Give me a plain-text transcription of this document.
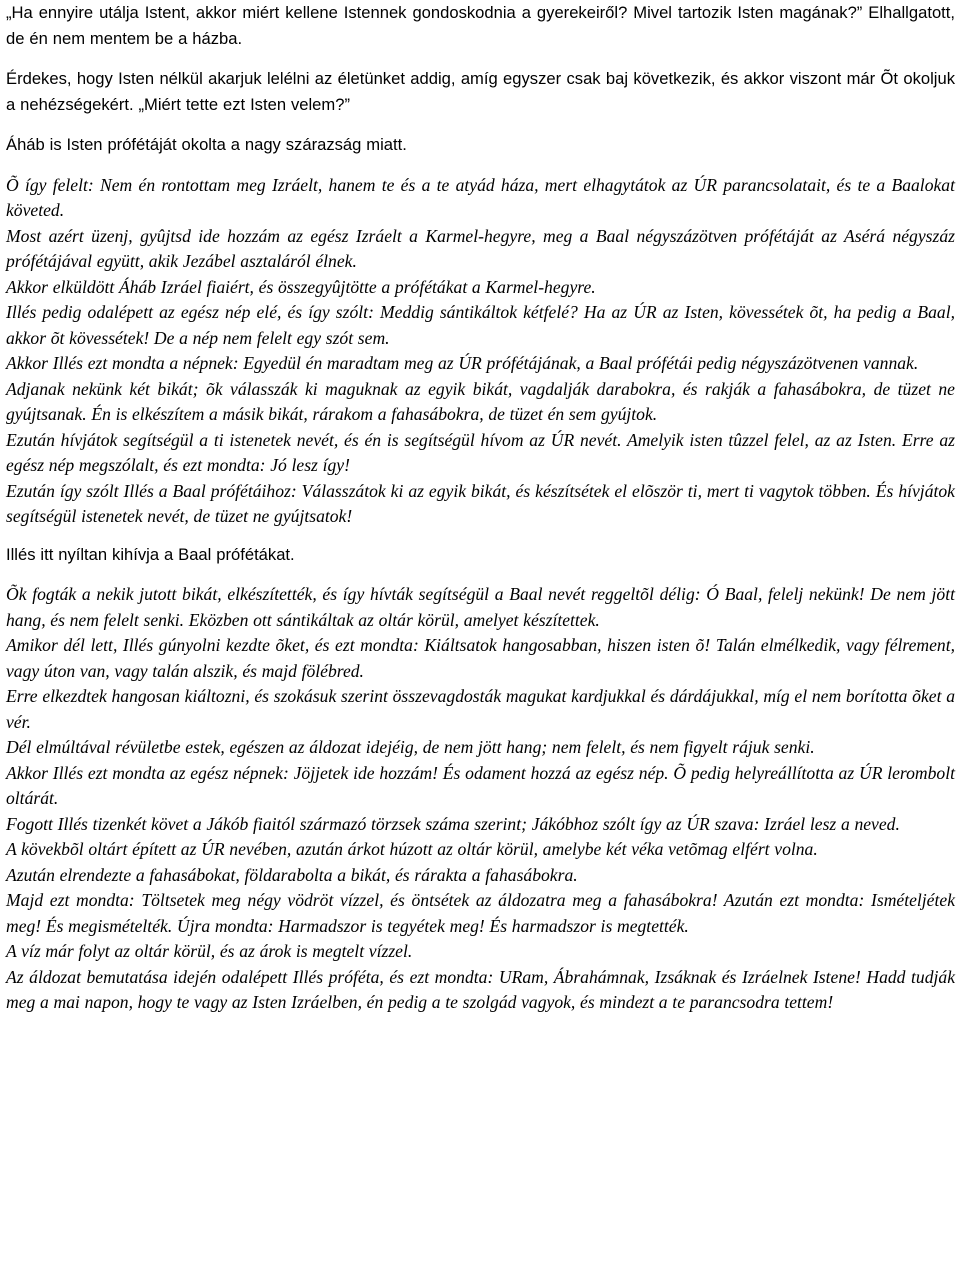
„Ha ennyire utálja Istent, akkor miért kellene Istennek gondoskodnia a gyerekeiről? Mivel tartozik Isten magának?” Elhallgatott, de én nem mentem be a házba.

Érdekes, hogy Isten nélkül akarjuk lelélni az életünket addig, amíg egyszer csak baj következik, és akkor viszont már Õt okoljuk a nehézségekért. „Miért tette ezt Isten velem?”

Áháb is Isten prófétáját okolta a nagy szárazság miatt.

Õ így felelt: Nem én rontottam meg Izráelt, hanem te és a te atyád háza, mert elhagytátok az ÚR parancsolatait, és te a Baalokat követed.

Most azért üzenj, gyûjtsd ide hozzám az egész Izráelt a Karmel-hegyre, meg a Baal négyszázötven prófétáját az Asérá négyszáz prófétájával együtt, akik Jezábel asztaláról élnek.

Akkor elküldött Áháb Izráel fiaiért, és összegyûjtötte a prófétákat a Karmel-hegyre.

Illés pedig odalépett az egész nép elé, és így szólt: Meddig sántikáltok kétfelé? Ha az ÚR az Isten, kövessétek õt, ha pedig a Baal, akkor õt kövessétek! De a nép nem felelt egy szót sem.

Akkor Illés ezt mondta a népnek: Egyedül én maradtam meg az ÚR prófétájának, a Baal prófétái pedig négyszázötvenen vannak.

Adjanak nekünk két bikát; õk válasszák ki maguknak az egyik bikát, vagdalják darabokra, és rakják a fahasábokra, de tüzet ne gyújtsanak. Én is elkészítem a másik bikát, rárakom a fahasábokra, de tüzet én sem gyújtok.

Ezután hívjátok segítségül a ti istenetek nevét, és én is segítségül hívom az ÚR nevét. Amelyik isten tûzzel felel, az az Isten. Erre az egész nép megszólalt, és ezt mondta: Jó lesz így!

Ezután így szólt Illés a Baal prófétáihoz: Válasszátok ki az egyik bikát, és készítsétek el elõször ti, mert ti vagytok többen. És hívjátok segítségül istenetek nevét, de tüzet ne gyújtsatok!

Illés itt nyíltan kihívja a Baal prófétákat.

Õk fogták a nekik jutott bikát, elkészítették, és így hívták segítségül a Baal nevét reggeltõl délig: Ó Baal, felelj nekünk! De nem jött hang, és nem felelt senki. Eközben ott sántikáltak az oltár körül, amelyet készítettek.

Amikor dél lett, Illés gúnyolni kezdte õket, és ezt mondta: Kiáltsatok hangosabban, hiszen isten õ! Talán elmélkedik, vagy félrement, vagy úton van, vagy talán alszik, és majd fölébred.

Erre elkezdtek hangosan kiáltozni, és szokásuk szerint összevagdosták magukat kardjukkal és dárdájukkal, míg el nem borította õket a vér.

Dél elmúltával révületbe estek, egészen az áldozat idejéig, de nem jött hang; nem felelt, és nem figyelt rájuk senki.

Akkor Illés ezt mondta az egész népnek: Jöjjetek ide hozzám! És odament hozzá az egész nép. Õ pedig helyreállította az ÚR lerombolt oltárát.

Fogott Illés tizenkét követ a Jákób fiaitól származó törzsek száma szerint; Jákóbhoz szólt így az ÚR szava: Izráel lesz a neved.

A kövekbõl oltárt épített az ÚR nevében, azután árkot húzott az oltár körül, amelybe két véka vetõmag elfért volna.

Azután elrendezte a fahasábokat, földarabolta a bikát, és rárakta a fahasábokra.

Majd ezt mondta: Töltsetek meg négy vödröt vízzel, és öntsétek az áldozatra meg a fahasábokra! Azután ezt mondta: Ismételjétek meg! És megismételték. Újra mondta: Harmadszor is tegyétek meg! És harmadszor is megtették.

A víz már folyt az oltár körül, és az árok is megtelt vízzel.

Az áldozat bemutatása idején odalépett Illés próféta, és ezt mondta: URam, Ábrahámnak, Izsáknak és Izráelnek Istene! Hadd tudják meg a mai napon, hogy te vagy az Isten Izráelben, én pedig a te szolgád vagyok, és mindezt a te parancsodra tettem!
